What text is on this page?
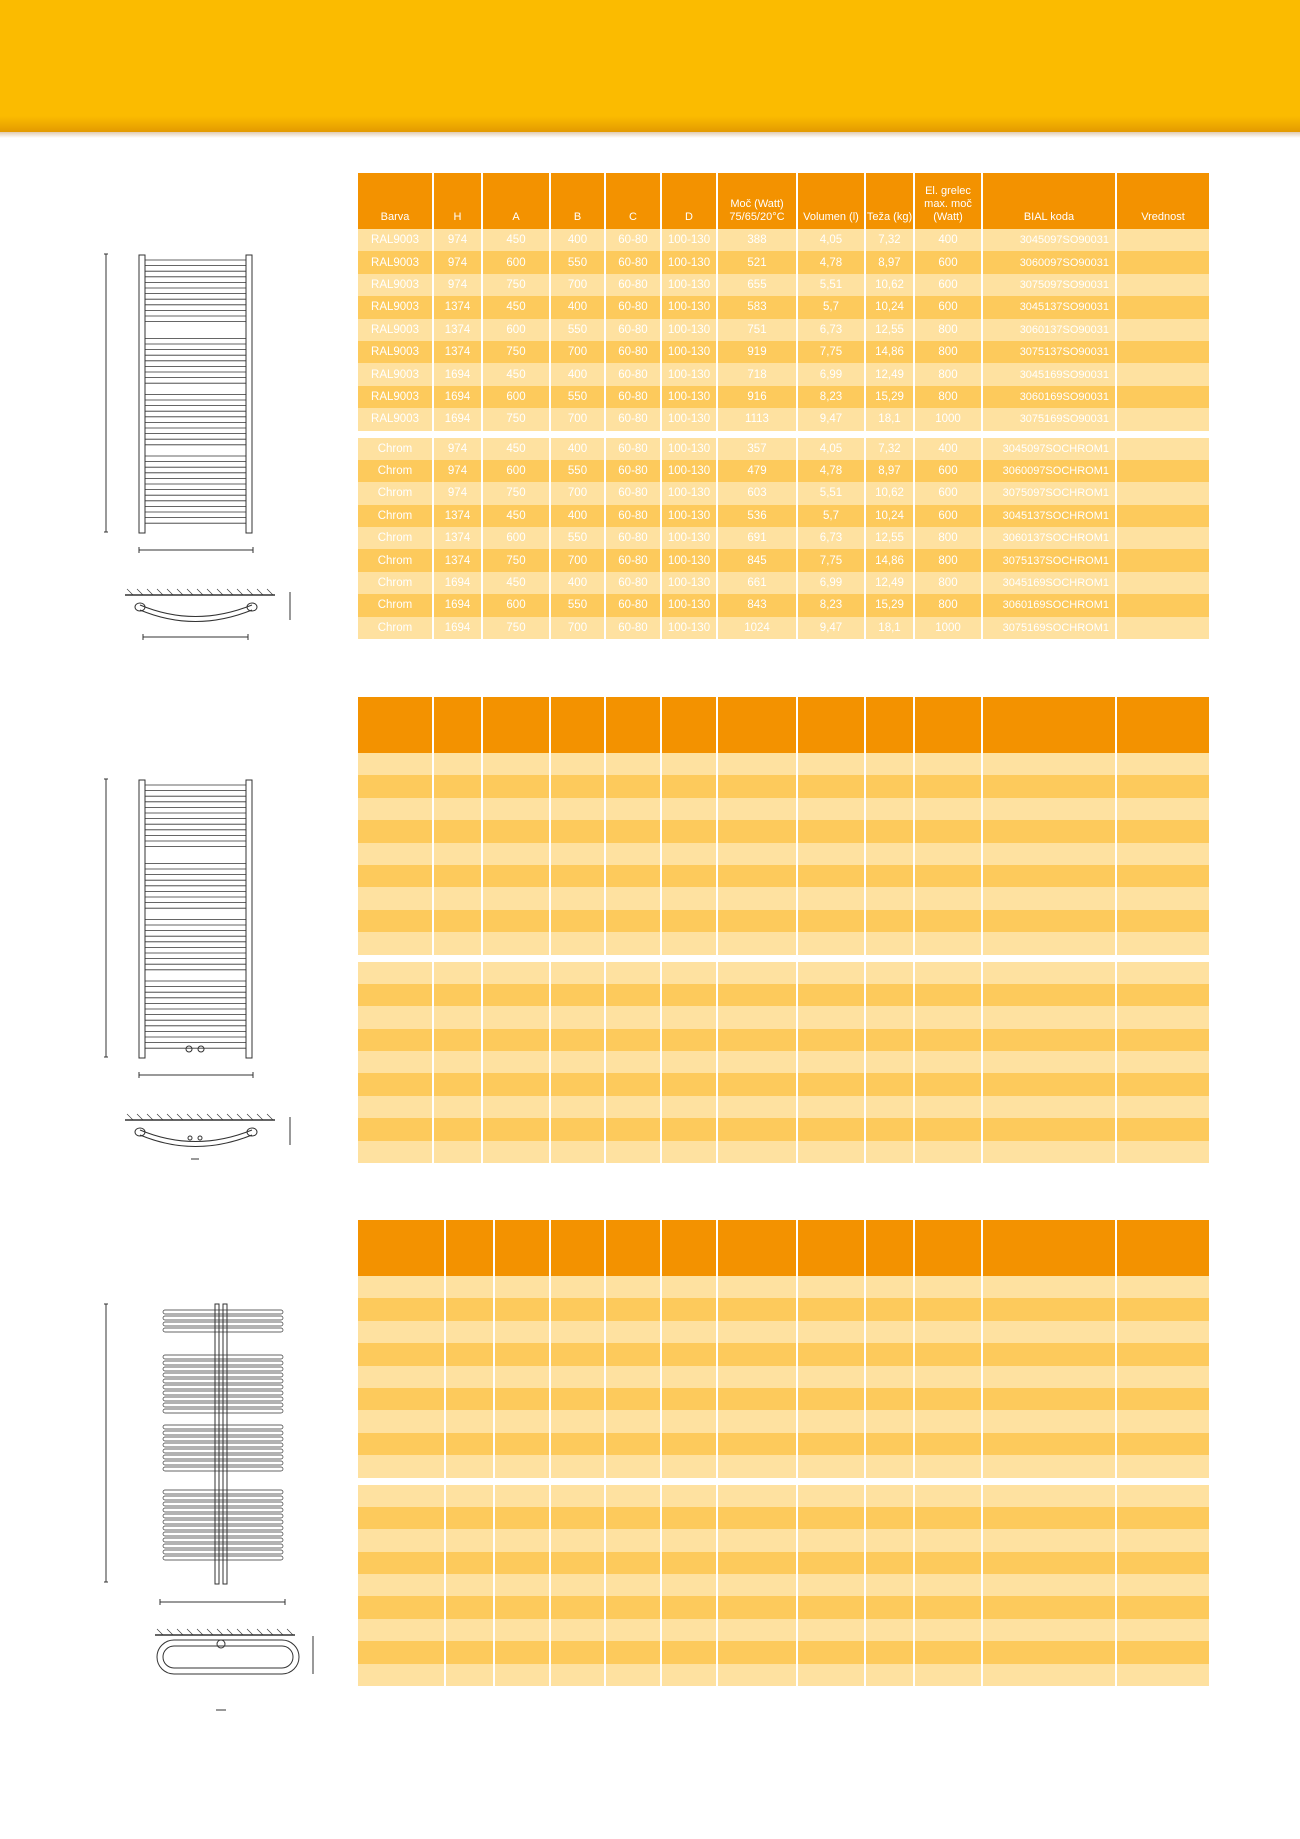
Barva	H	A	B	C	D	Moč (Watt) 75/65/20°C	Volumen (l)	Teža (kg)	El. grelec max. moč (Watt)	BIAL koda	Vrednost
RAL9003	974	450	400	60-80	100-130	388	4,05	7,32	400	3045097SO90031	
RAL9003	974	600	550	60-80	100-130	521	4,78	8,97	600	3060097SO90031	
RAL9003	974	750	700	60-80	100-130	655	5,51	10,62	600	3075097SO90031	
RAL9003	1374	450	400	60-80	100-130	583	5,7	10,24	600	3045137SO90031	
RAL9003	1374	600	550	60-80	100-130	751	6,73	12,55	800	3060137SO90031	
RAL9003	1374	750	700	60-80	100-130	919	7,75	14,86	800	3075137SO90031	
RAL9003	1694	450	400	60-80	100-130	718	6,99	12,49	800	3045169SO90031	
RAL9003	1694	600	550	60-80	100-130	916	8,23	15,29	800	3060169SO90031	
RAL9003	1694	750	700	60-80	100-130	1113	9,47	18,1	1000	3075169SO90031	

Chrom	974	450	400	60-80	100-130	357	4,05	7,32	400	3045097SOCHROM1	
Chrom	974	600	550	60-80	100-130	479	4,78	8,97	600	3060097SOCHROM1	
Chrom	974	750	700	60-80	100-130	603	5,51	10,62	600	3075097SOCHROM1	
Chrom	1374	450	400	60-80	100-130	536	5,7	10,24	600	3045137SOCHROM1	
Chrom	1374	600	550	60-80	100-130	691	6,73	12,55	800	3060137SOCHROM1	
Chrom	1374	750	700	60-80	100-130	845	7,75	14,86	800	3075137SOCHROM1	
Chrom	1694	450	400	60-80	100-130	661	6,99	12,49	800	3045169SOCHROM1	
Chrom	1694	600	550	60-80	100-130	843	8,23	15,29	800	3060169SOCHROM1	
Chrom	1694	750	700	60-80	100-130	1024	9,47	18,1	1000	3075169SOCHROM1	
